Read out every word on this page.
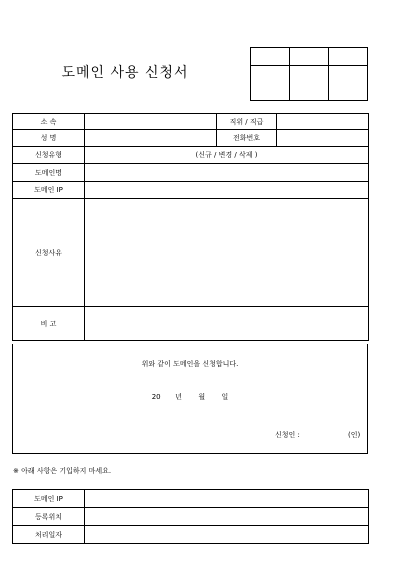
도메인 사용 신청서

소 속		직위 / 직급	
성 명		전화번호	
신청유형	(신규 / 변경 / 삭제 )		
도메인명			
도메인 IP			
신청사유			
비 고			
위와 같이 도메인을 신청합니다.
20 년 월 일
신청인 :	(인)
※ 아래 사항은 기입하지 마세요.
도메인 IP	
등록위치	
처리일자	
